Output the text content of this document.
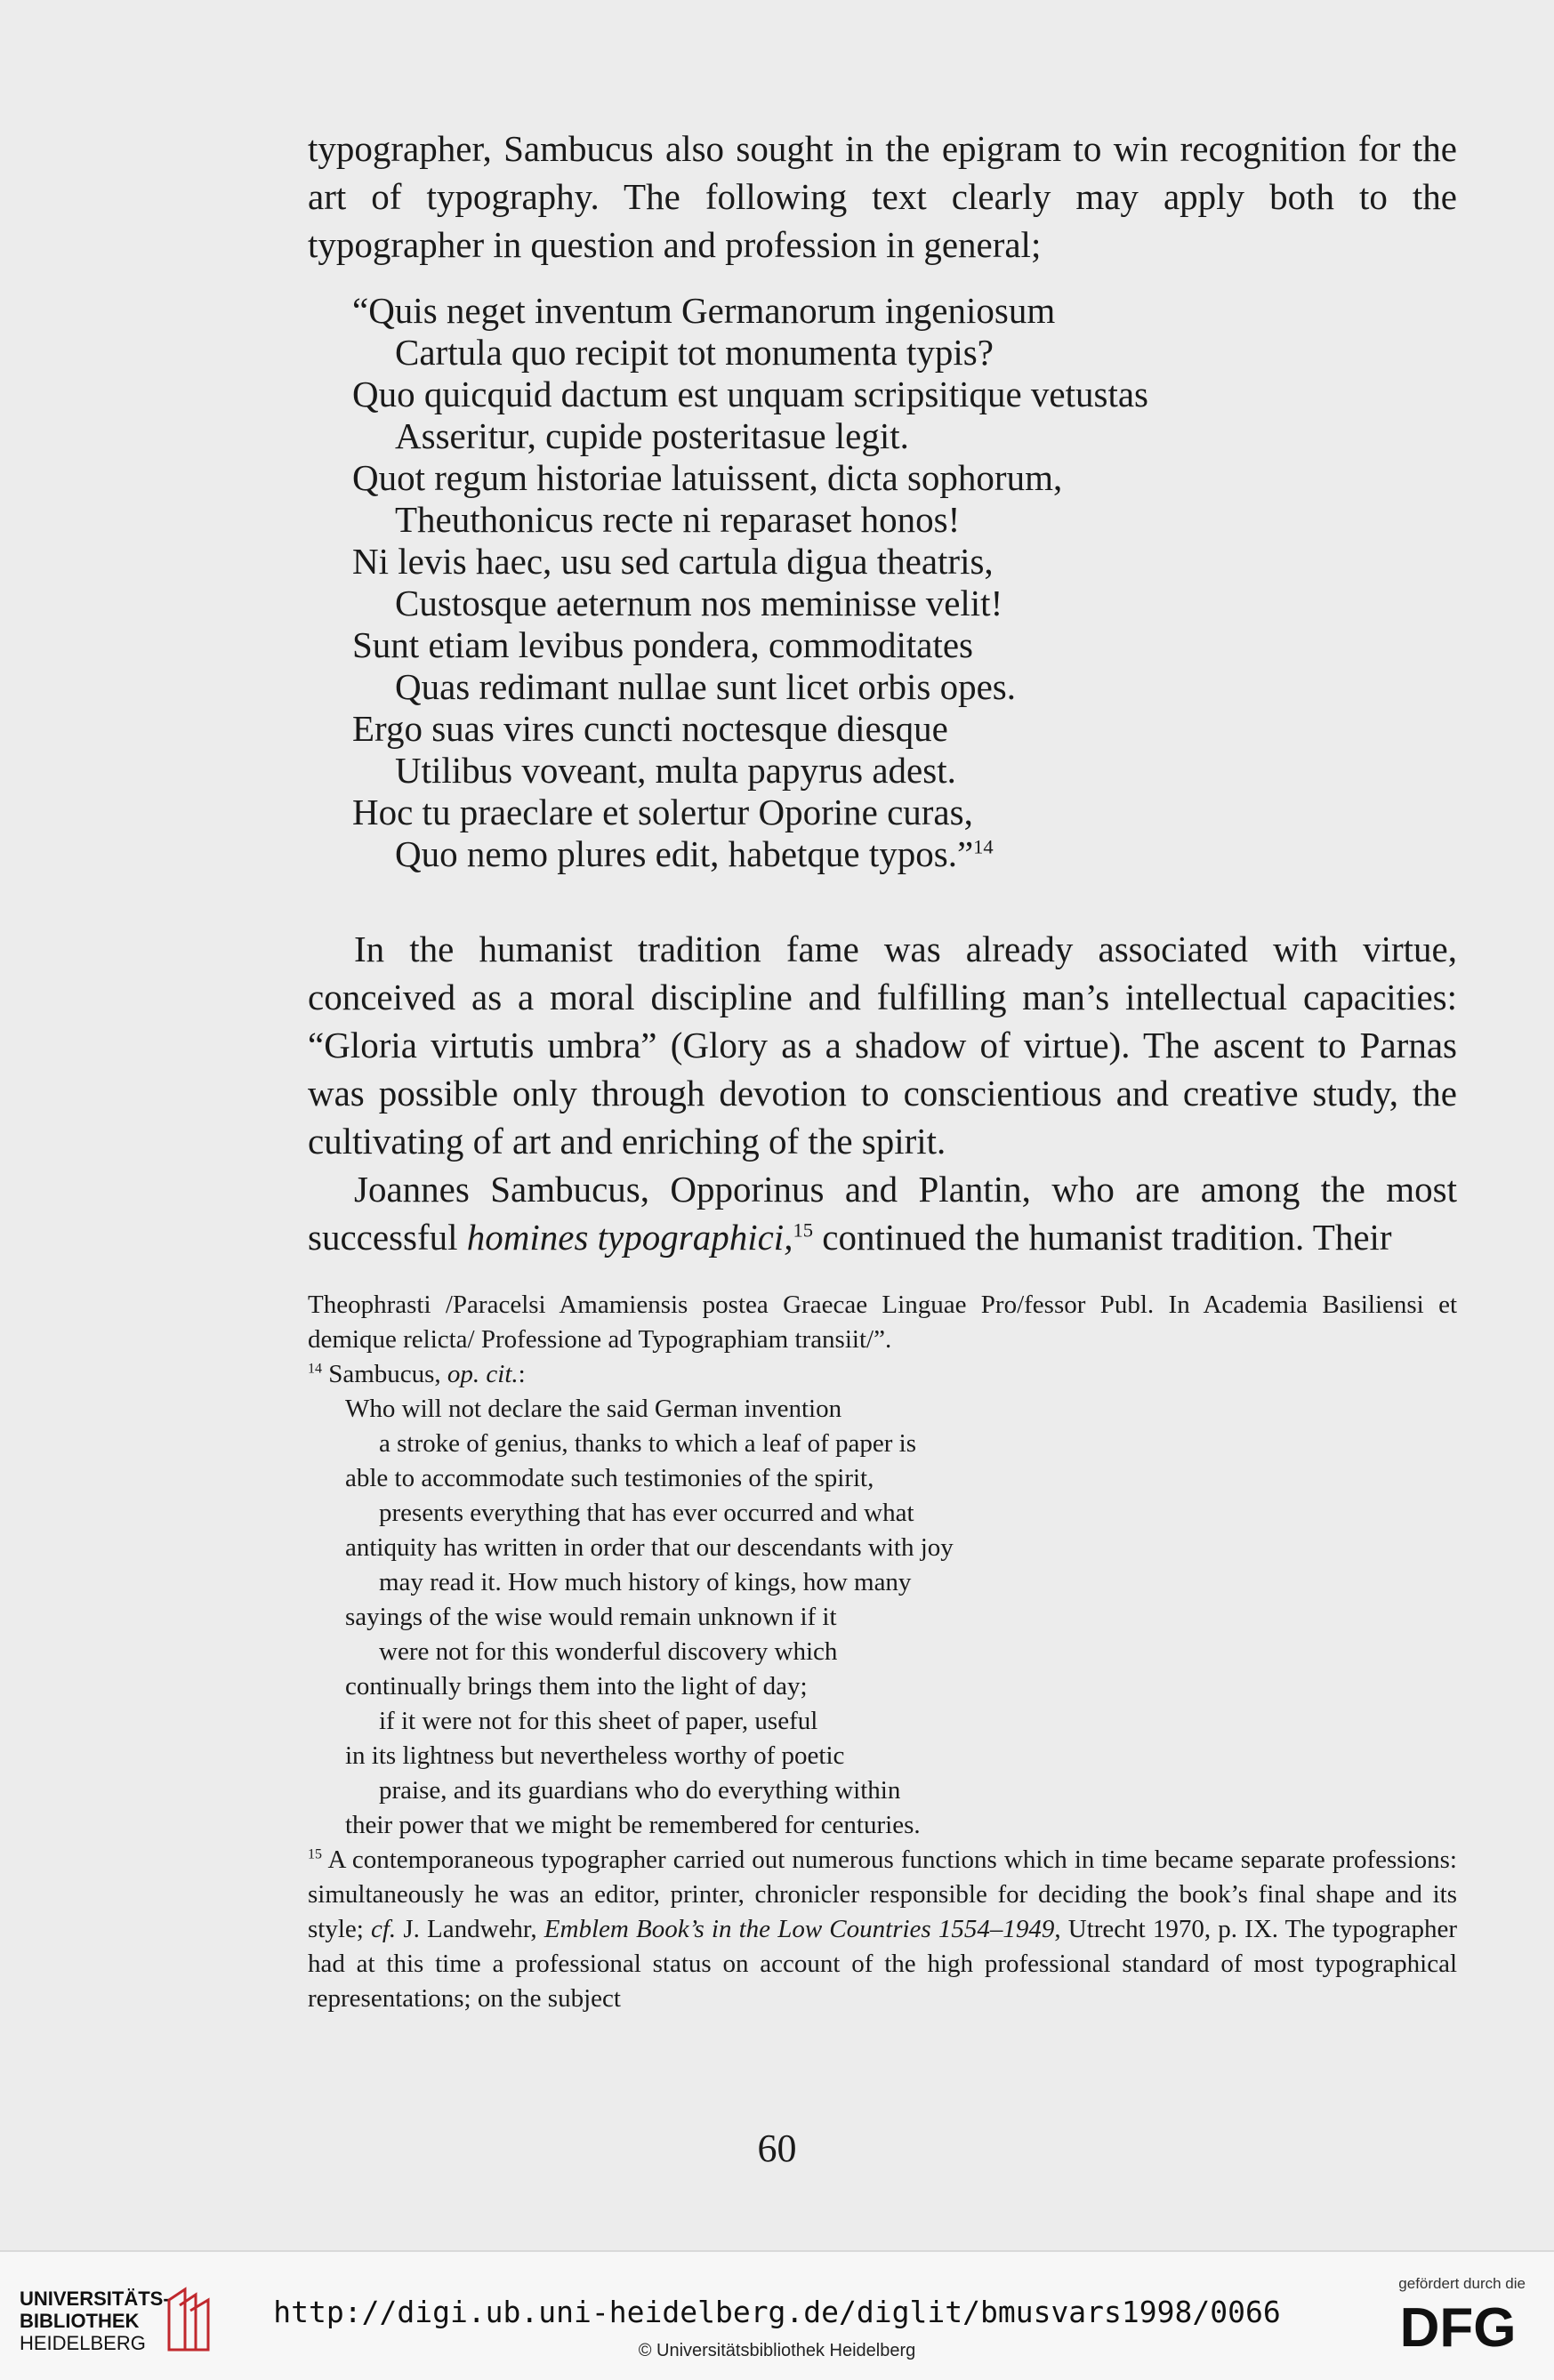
typographer, Sambucus also sought in the epigram to win recognition for the art of typography. The following text clearly may apply both to the typographer in question and profession in general;

“Quis neget inventum Germanorum ingeniosum
Cartula quo recipit tot monumenta typis?
Quo quicquid dactum est unquam scripsitique vetustas
Asseritur, cupide posteritasue legit.
Quot regum historiae latuissent, dicta sophorum,
Theuthonicus recte ni reparaset honos!
Ni levis haec, usu sed cartula digua theatris,
Custosque aeternum nos meminisse velit!
Sunt etiam levibus pondera, commoditates
Quas redimant nullae sunt licet orbis opes.
Ergo suas vires cuncti noctesque diesque
Utilibus voveant, multa papyrus adest.
Hoc tu praeclare et solertur Oporine curas,
Quo nemo plures edit, habetque typos.”$^{14}$

In the humanist tradition fame was already associated with virtue, conceived as a moral discipline and fulfilling man’s intellectual capacities: “Gloria virtutis umbra” (Glory as a shadow of virtue). The ascent to Parnas was possible only through devotion to conscientious and creative study, the cultivating of art and enriching of the spirit.

Joannes Sambucus, Opporinus and Plantin, who are among the most successful homines typographici,$^{15}$ continued the humanist tradition. Their

Theophrasti /Paracelsi Amamiensis postea Graecae Linguae Pro/fessor Publ. In Academia Basiliensi et demique relicta/ Professione ad Typographiam transiit/”.

$^{14}$ Sambucus, op. cit.:

Who will not declare the said German invention
a stroke of genius, thanks to which a leaf of paper is
able to accommodate such testimonies of the spirit,
presents everything that has ever occurred and what
antiquity has written in order that our descendants with joy
may read it. How much history of kings, how many
sayings of the wise would remain unknown if it
were not for this wonderful discovery which
continually brings them into the light of day;
if it were not for this sheet of paper, useful
in its lightness but nevertheless worthy of poetic
praise, and its guardians who do everything within
their power that we might be remembered for centuries.

$^{15}$ A contemporaneous typographer carried out numerous functions which in time became separate professions: simultaneously he was an editor, printer, chronicler responsible for deciding the book’s final shape and its style; cf. J. Landwehr, Emblem Book’s in the Low Countries 1554–1949, Utrecht 1970, p. IX. The typographer had at this time a professional status on account of the high professional standard of most typographical representations; on the subject

60
UNIVERSITÄTS-
BIBLIOTHEK
HEIDELBERG
http://digi.ub.uni-heidelberg.de/diglit/bmusvars1998/0066
© Universitätsbibliothek Heidelberg
gefördert durch die
DFG
